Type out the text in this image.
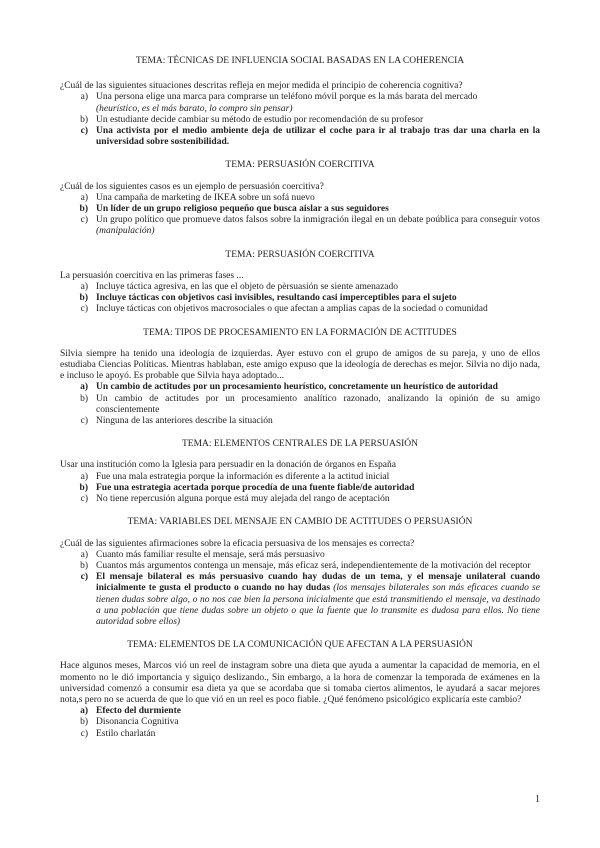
TEMA: TÉCNICAS DE INFLUENCIA SOCIAL BASADAS EN LA COHERENCIA

¿Cuál de las siguientes situaciones descritas refleja en mejor medida el principio de coherencia cognitiva?

a) Una persona elige una marca para comprarse un teléfono móvil porque es la más barata del mercado
(heurístico, es el más barato, lo compro sin pensar)
b) Un estudiante decide cambiar su método de estudio por recomendación de su profesor
c) Una activista por el medio ambiente deja de utilizar el coche para ir al trabajo tras dar una charla en la universidad sobre sostenibilidad.

TEMA: PERSUASIÓN COERCITIVA

¿Cuál de los siguientes casos es un ejemplo de persuasión coercitiva?

a) Una campaña de marketing de IKEA sobre un sofá nuevo
b) Un líder de un grupo religioso pequeño que busca aislar a sus seguidores
c) Un grupo político que promueve datos falsos sobre la inmigración ilegal en un debate poública para conseguir votos (manipulación)

TEMA: PERSUASIÓN COERCITIVA

La persuasión coercitiva en las primeras fases ...

a) Incluye táctica agresiva, en las que el objeto de pèrsuasión se siente amenazado
b) Incluye tácticas con objetivos casi invisibles, resultando casi imperceptibles para el sujeto
c) Incluye tácticas con objetivos macrosociales o que afectan a amplias capas de la sociedad o comunidad

TEMA: TIPOS DE PROCESAMIENTO EN LA FORMACIÓN DE ACTITUDES

Silvia siempre ha tenido una ideología de izquierdas. Ayer estuvo con el grupo de amigos de su pareja, y uno de ellos estudiaba Ciencias Políticas. Mientras hablaban, este amigo expuso que la ideología de derechas es mejor. Silvia no dijo nada, e incluso le apoyó. Es probable que Silvia haya adoptado...

a) Un cambio de actitudes por un procesamiento heurístico, concretamente un heurístico de autoridad
b) Un cambio de actitudes por un procesamiento analítico razonado, analizando la opinión de su amigo conscientemente
c) Ninguna de las anteriores describe la situación

TEMA: ELEMENTOS CENTRALES DE LA PERSUASIÓN

Usar una institución como la Iglesia para persuadir en la donación de órganos en España

a) Fue una mala estrategia porque la información es diferente a la actitud inicial
b) Fue una estrategia acertada porque procedía de una fuente fiable/de autoridad
c) No tiene repercusión alguna porque está muy alejada del rango de aceptación

TEMA: VARIABLES DEL MENSAJE EN CAMBIO DE ACTITUDES O PERSUASIÓN

¿Cuál de las siguientes afirmaciones sobre la eficacia persuasiva de los mensajes es correcta?

a) Cuanto más familiar resulte el mensaje, será más persuasivo
b) Cuantos más argumentos contenga un mensaje, más eficaz será, independientemente de la motivación del receptor
c) El mensaje bilateral es más persuasivo cuando hay dudas de un tema, y el mensaje unilateral cuando inicialmente te gusta el producto o cuando no hay dudas (los mensajes bilaterales son más eficaces cuando se tienen dudas sobre algo, o no nos cae bien la persona inicialmente que está transmitiendo el mensaje, va destinado a una población que tiene dudas sobre un objeto o que la fuente que lo transmite es dudosa para ellos. No tiene autoridad sobre ellos)

TEMA: ELEMENTOS DE LA COMUNICACIÓN QUE AFECTAN A LA PERSUASIÓN

Hace algunos meses, Marcos vió un reel de instagram sobre una dieta que ayuda a aumentar la capacidad de memoria, en el momento no le dió importancia y siguiço deslizando., Sin embargo, a la hora de comenzar la temporada de exámenes en la universidad comenzó a consumir esa dieta ya que se acordaba que si tomaba ciertos alimentos, le ayudará a sacar mejores nota,s pero no se acuerda de que lo que vió en un reel es poco fiable. ¿Qué fenómeno psicológico explicaría este cambio?

a) Efecto del durmiente
b) Disonancia Cognitiva
c) Estilo charlatán
1
